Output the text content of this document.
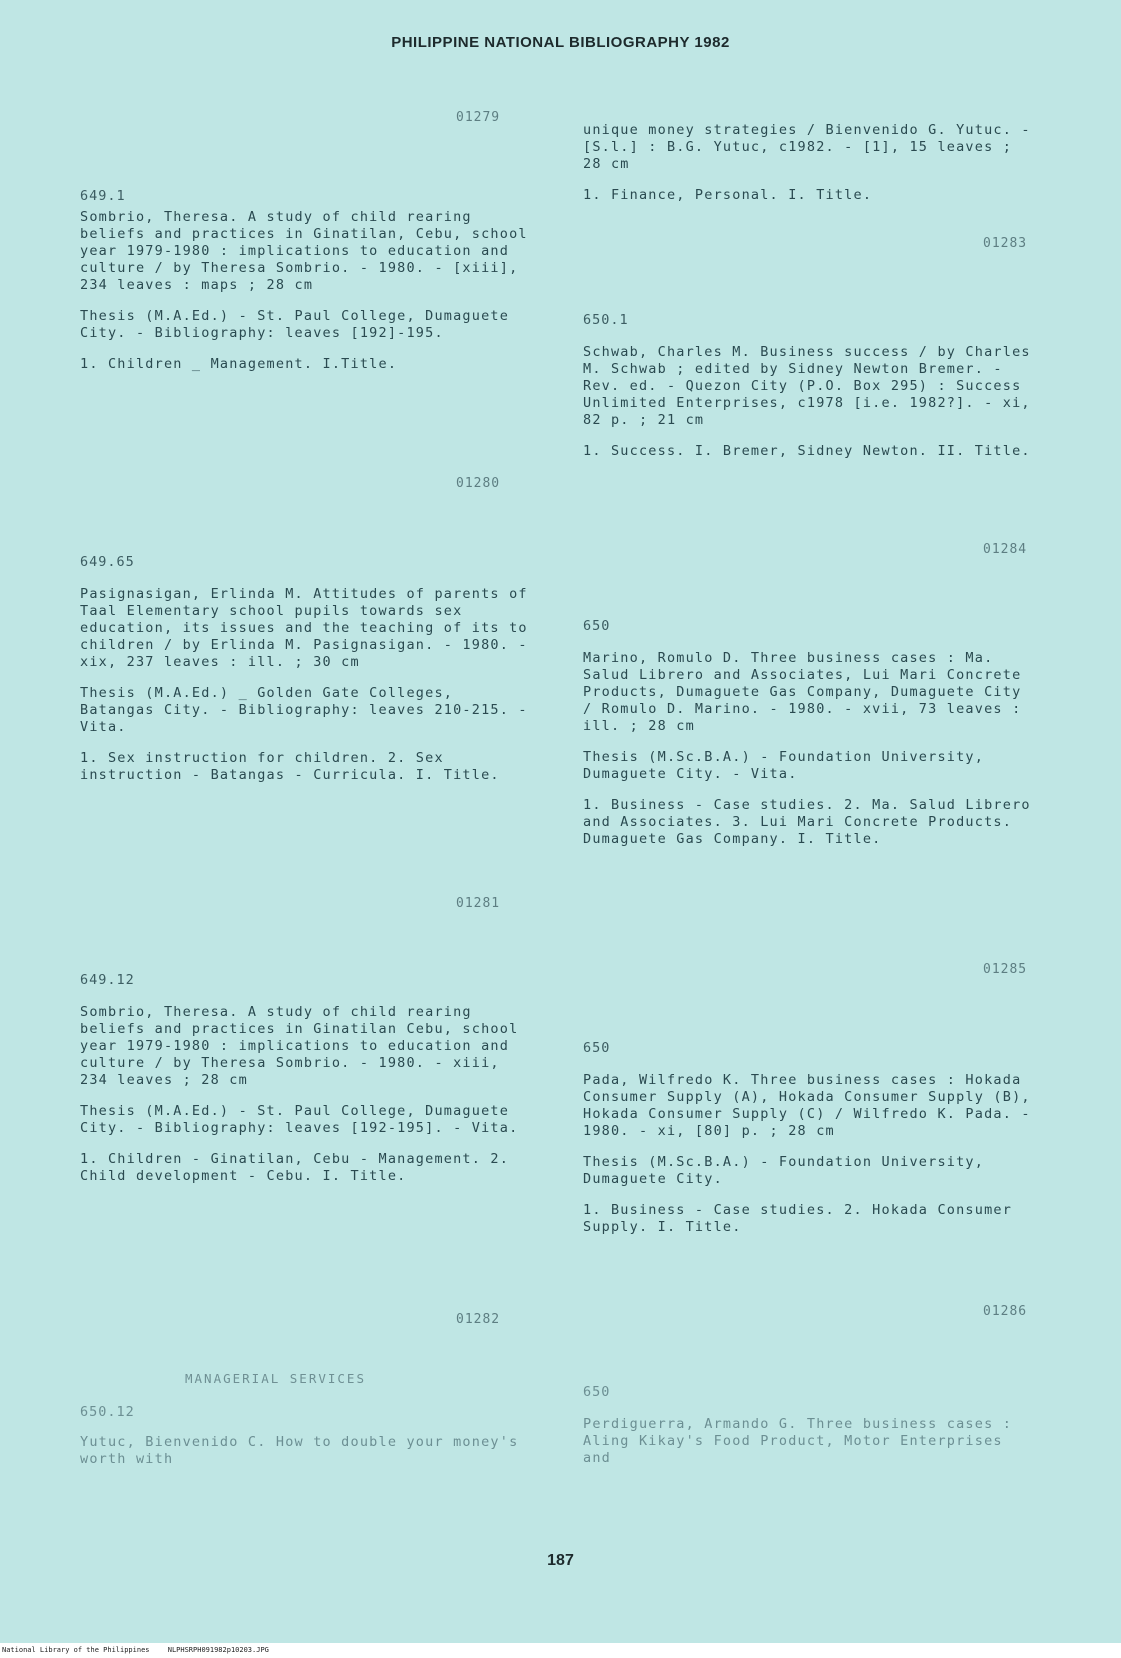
PHILIPPINE NATIONAL BIBLIOGRAPHY 1982
01279
649.1
Sombrio, Theresa. A study of child rearing beliefs and practices in Ginatilan, Cebu, school year 1979-1980 : implications to education and culture / by Theresa Sombrio. - 1980. - [xiii], 234 leaves : maps ; 28 cm
Thesis (M.A.Ed.) - St. Paul College, Dumaguete City. - Bibliography: leaves [192]-195.
1. Children _ Management. I.Title.
01280
649.65
Pasignasigan, Erlinda M. Attitudes of parents of Taal Elementary school pupils towards sex education, its issues and the teaching of its to children / by Erlinda M. Pasignasigan. - 1980. - xix, 237 leaves : ill. ; 30 cm
Thesis (M.A.Ed.) _ Golden Gate Colleges, Batangas City. - Bibliography: leaves 210-215. - Vita.
1. Sex instruction for children. 2. Sex instruction - Batangas - Curricula. I. Title.
01281
649.12
Sombrio, Theresa. A study of child rearing beliefs and practices in Ginatilan Cebu, school year 1979-1980 : implications to education and culture / by Theresa Sombrio. - 1980. - xiii, 234 leaves ; 28 cm
Thesis (M.A.Ed.) - St. Paul College, Dumaguete City. - Bibliography: leaves [192-195]. - Vita.
1. Children - Ginatilan, Cebu - Management. 2. Child development - Cebu. I. Title.
01282
650.12
Yutuc, Bienvenido C. How to double your money's worth with
MANAGERIAL SERVICES
unique money strategies / Bienvenido G. Yutuc. - [S.l.] : B.G. Yutuc, c1982. - [1], 15 leaves ; 28 cm
1. Finance, Personal. I. Title.
01283
650.1
Schwab, Charles M. Business success / by Charles M. Schwab ; edited by Sidney Newton Bremer. - Rev. ed. - Quezon City (P.O. Box 295) : Success Unlimited Enterprises, c1978 [i.e. 1982?]. - xi, 82 p. ; 21 cm
1. Success. I. Bremer, Sidney Newton. II. Title.
01284
650
Marino, Romulo D. Three business cases : Ma. Salud Librero and Associates, Lui Mari Concrete Products, Dumaguete Gas Company, Dumaguete City / Romulo D. Marino. - 1980. - xvii, 73 leaves : ill. ; 28 cm
Thesis (M.Sc.B.A.) - Foundation University, Dumaguete City. - Vita.
1. Business - Case studies. 2. Ma. Salud Librero and Associates. 3. Lui Mari Concrete Products. Dumaguete Gas Company. I. Title.
01285
650
Pada, Wilfredo K. Three business cases : Hokada Consumer Supply (A), Hokada Consumer Supply (B), Hokada Consumer Supply (C) / Wilfredo K. Pada. - 1980. - xi, [80] p. ; 28 cm
Thesis (M.Sc.B.A.) - Foundation University, Dumaguete City.
1. Business - Case studies. 2. Hokada Consumer Supply. I. Title.
01286
650
Perdiguerra, Armando G. Three business cases : Aling Kikay's Food Product, Motor Enterprises and
187
National Library of the Philippines	NLPHSRPH091982p10203.JPG
